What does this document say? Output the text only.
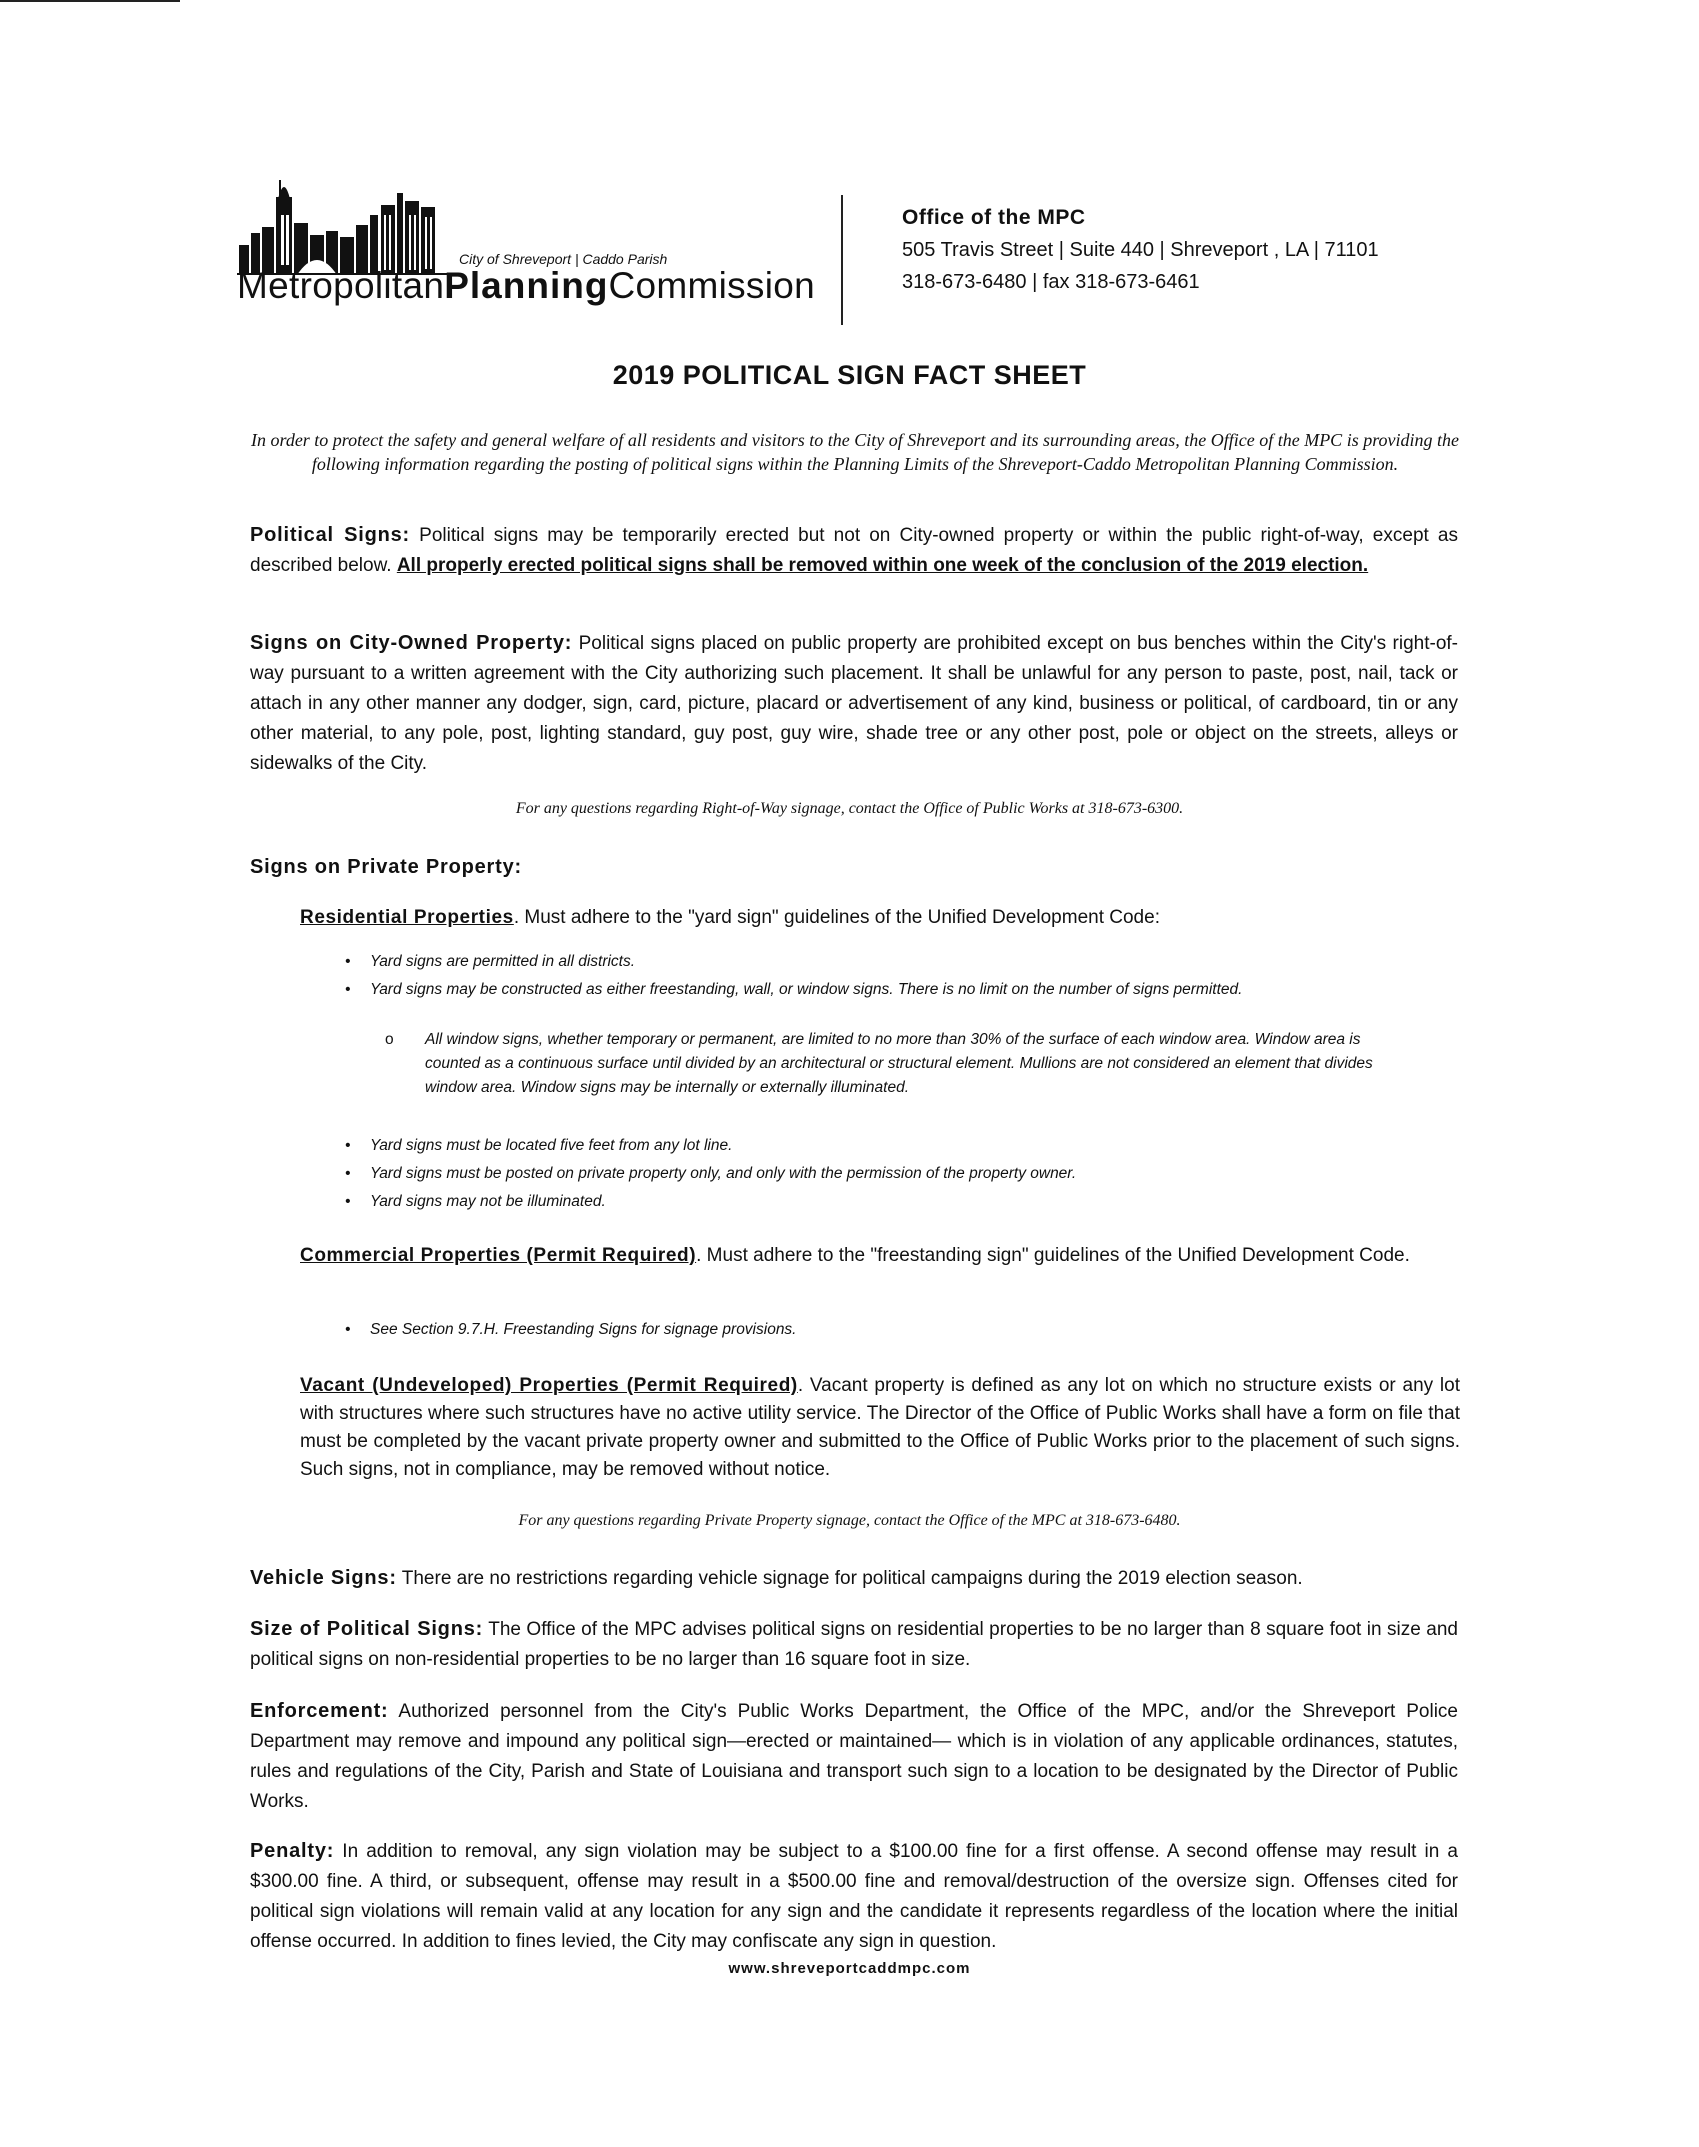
City of Shreveport | Caddo Parish
MetropolitanPlanningCommission
Office of the MPC
505 Travis Street | Suite 440 | Shreveport , LA | 71101
318-673-6480 | fax 318-673-6461
2019 POLITICAL SIGN FACT SHEET
In order to protect the safety and general welfare of all residents and visitors to the City of Shreveport and its surrounding areas, the Office of the MPC is providing the following information regarding the posting of political signs within the Planning Limits of the Shreveport-Caddo Metropolitan Planning Commission.
Political Signs: Political signs may be temporarily erected but not on City-owned property or within the public right-of-way, except as described below. All properly erected political signs shall be removed within one week of the conclusion of the 2019 election.
Signs on City-Owned Property: Political signs placed on public property are prohibited except on bus benches within the City's right-of-way pursuant to a written agreement with the City authorizing such placement. It shall be unlawful for any person to paste, post, nail, tack or attach in any other manner any dodger, sign, card, picture, placard or advertisement of any kind, business or political, of cardboard, tin or any other material, to any pole, post, lighting standard, guy post, guy wire, shade tree or any other post, pole or object on the streets, alleys or sidewalks of the City.
For any questions regarding Right-of-Way signage, contact the Office of Public Works at 318-673-6300.
Signs on Private Property:
Residential Properties. Must adhere to the "yard sign" guidelines of the Unified Development Code:
• Yard signs are permitted in all districts.
• Yard signs may be constructed as either freestanding, wall, or window signs. There is no limit on the number of signs permitted.
o All window signs, whether temporary or permanent, are limited to no more than 30% of the surface of each window area. Window area is counted as a continuous surface until divided by an architectural or structural element. Mullions are not considered an element that divides window area. Window signs may be internally or externally illuminated.
• Yard signs must be located five feet from any lot line.
• Yard signs must be posted on private property only, and only with the permission of the property owner.
• Yard signs may not be illuminated.
Commercial Properties (Permit Required). Must adhere to the "freestanding sign" guidelines of the Unified Development Code.
• See Section 9.7.H. Freestanding Signs for signage provisions.
Vacant (Undeveloped) Properties (Permit Required). Vacant property is defined as any lot on which no structure exists or any lot with structures where such structures have no active utility service. The Director of the Office of Public Works shall have a form on file that must be completed by the vacant private property owner and submitted to the Office of Public Works prior to the placement of such signs. Such signs, not in compliance, may be removed without notice.
For any questions regarding Private Property signage, contact the Office of the MPC at 318-673-6480.
Vehicle Signs: There are no restrictions regarding vehicle signage for political campaigns during the 2019 election season.
Size of Political Signs: The Office of the MPC advises political signs on residential properties to be no larger than 8 square foot in size and political signs on non-residential properties to be no larger than 16 square foot in size.
Enforcement: Authorized personnel from the City's Public Works Department, the Office of the MPC, and/or the Shreveport Police Department may remove and impound any political sign—erected or maintained— which is in violation of any applicable ordinances, statutes, rules and regulations of the City, Parish and State of Louisiana and transport such sign to a location to be designated by the Director of Public Works.
Penalty: In addition to removal, any sign violation may be subject to a $100.00 fine for a first offense. A second offense may result in a $300.00 fine. A third, or subsequent, offense may result in a $500.00 fine and removal/destruction of the oversize sign. Offenses cited for political sign violations will remain valid at any location for any sign and the candidate it represents regardless of the location where the initial offense occurred. In addition to fines levied, the City may confiscate any sign in question.
www.shreveportcaddmpc.com
